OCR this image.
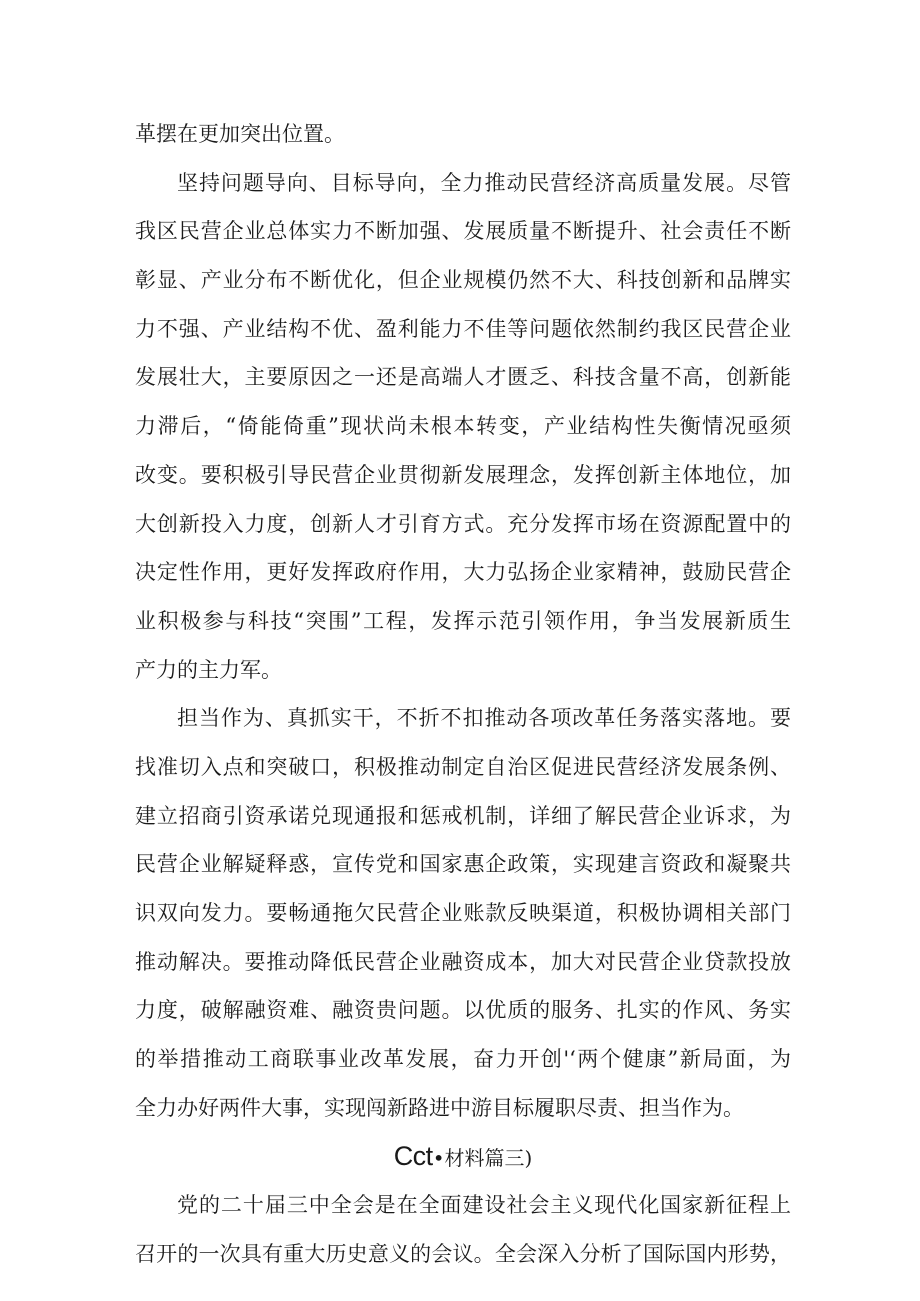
革摆在更加突出位置。
坚持问题导向、目标导向，全力推动民营经济高质量发展。尽管
我区民营企业总体实力不断加强、发展质量不断提升、社会责任不断
彰显、产业分布不断优化，但企业规模仍然不大、科技创新和品牌实
力不强、产业结构不优、盈利能力不佳等问题依然制约我区民营企业
发展壮大，主要原因之一还是高端人才匮乏、科技含量不高，创新能
力滞后，“倚能倚重”现状尚未根本转变，产业结构性失衡情况亟须
改变。要积极引导民营企业贯彻新发展理念，发挥创新主体地位，加
大创新投入力度，创新人才引育方式。充分发挥市场在资源配置中的
决定性作用，更好发挥政府作用，大力弘扬企业家精神，鼓励民营企
业积极参与科技“突围”工程，发挥示范引领作用，争当发展新质生
产力的主力军。
担当作为、真抓实干，不折不扣推动各项改革任务落实落地。要
找准切入点和突破口，积极推动制定自治区促进民营经济发展条例、
建立招商引资承诺兑现通报和惩戒机制，详细了解民营企业诉求，为
民营企业解疑释惑，宣传党和国家惠企政策，实现建言资政和凝聚共
识双向发力。要畅通拖欠民营企业账款反映渠道，积极协调相关部门
推动解决。要推动降低民营企业融资成本，加大对民营企业贷款投放
力度，破解融资难、融资贵问题。以优质的服务、扎实的作风、务实
的举措推动工商联事业改革发展，奋力开创'‘两个健康”新局面，为
全力办好两件大事，实现闯新路进中游目标履职尽责、担当作为。
Cct•材料篇三)
党的二十届三中全会是在全面建设社会主义现代化国家新征程上
召开的一次具有重大历史意义的会议。全会深入分析了国际国内形势，
